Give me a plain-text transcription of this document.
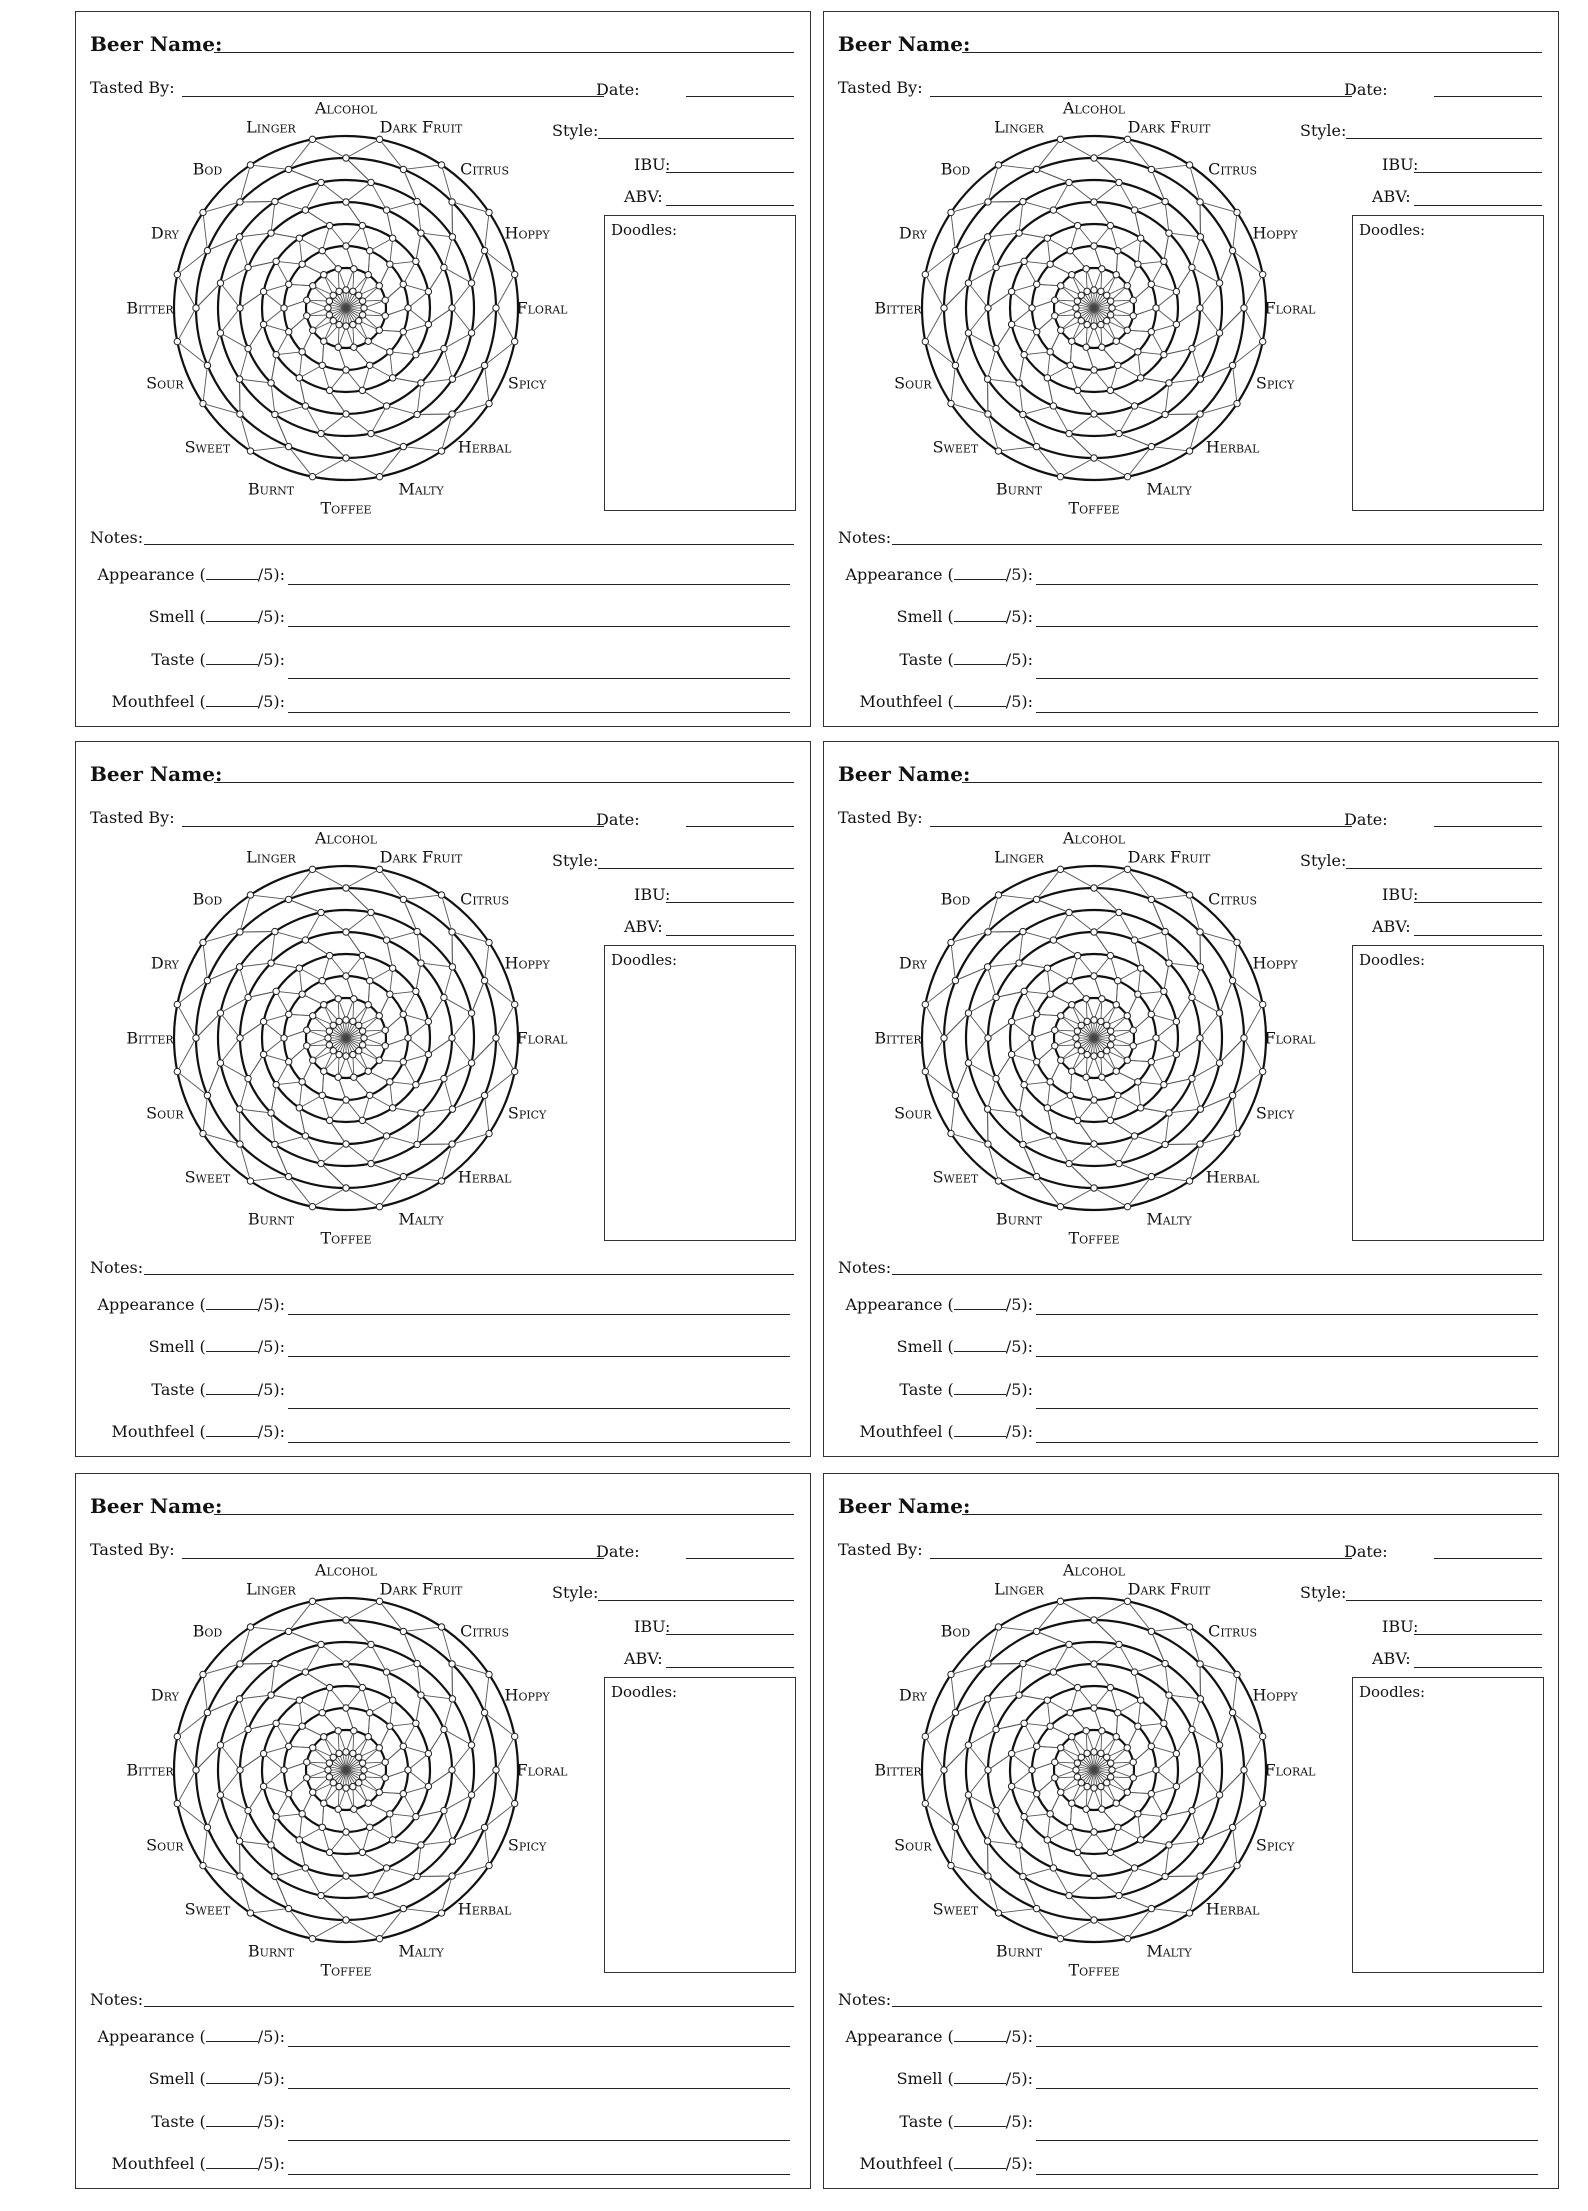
Beer Name:
Tasted By:	Date:
Style:
IBU:
ABV:
Doodles:
Notes:
Appearance (	/5):
Smell (	/5):
Taste (	/5):
Mouthfeel (	/5):
Alcohol
Dark Fruit
Citrus
Hoppy
Floral
Spicy
Herbal
Malty
Toffee
Burnt
Sweet
Sour
Bitter
Dry
Bod
Linger
Beer Name:
Tasted By:	Date:
Style:
IBU:
ABV:
Doodles:
Notes:
Appearance (	/5):
Smell (	/5):
Taste (	/5):
Mouthfeel (	/5):
Alcohol
Dark Fruit
Citrus
Hoppy
Floral
Spicy
Herbal
Malty
Toffee
Burnt
Sweet
Sour
Bitter
Dry
Bod
Linger
Beer Name:
Tasted By:	Date:
Style:
IBU:
ABV:
Doodles:
Notes:
Appearance (	/5):
Smell (	/5):
Taste (	/5):
Mouthfeel (	/5):
Alcohol
Dark Fruit
Citrus
Hoppy
Floral
Spicy
Herbal
Malty
Toffee
Burnt
Sweet
Sour
Bitter
Dry
Bod
Linger
Beer Name:
Tasted By:	Date:
Style:
IBU:
ABV:
Doodles:
Notes:
Appearance (	/5):
Smell (	/5):
Taste (	/5):
Mouthfeel (	/5):
Alcohol
Dark Fruit
Citrus
Hoppy
Floral
Spicy
Herbal
Malty
Toffee
Burnt
Sweet
Sour
Bitter
Dry
Bod
Linger
Beer Name:
Tasted By:	Date:
Style:
IBU:
ABV:
Doodles:
Notes:
Appearance (	/5):
Smell (	/5):
Taste (	/5):
Mouthfeel (	/5):
Alcohol
Dark Fruit
Citrus
Hoppy
Floral
Spicy
Herbal
Malty
Toffee
Burnt
Sweet
Sour
Bitter
Dry
Bod
Linger
Beer Name:
Tasted By:	Date:
Style:
IBU:
ABV:
Doodles:
Notes:
Appearance (	/5):
Smell (	/5):
Taste (	/5):
Mouthfeel (	/5):
Alcohol
Dark Fruit
Citrus
Hoppy
Floral
Spicy
Herbal
Malty
Toffee
Burnt
Sweet
Sour
Bitter
Dry
Bod
Linger
